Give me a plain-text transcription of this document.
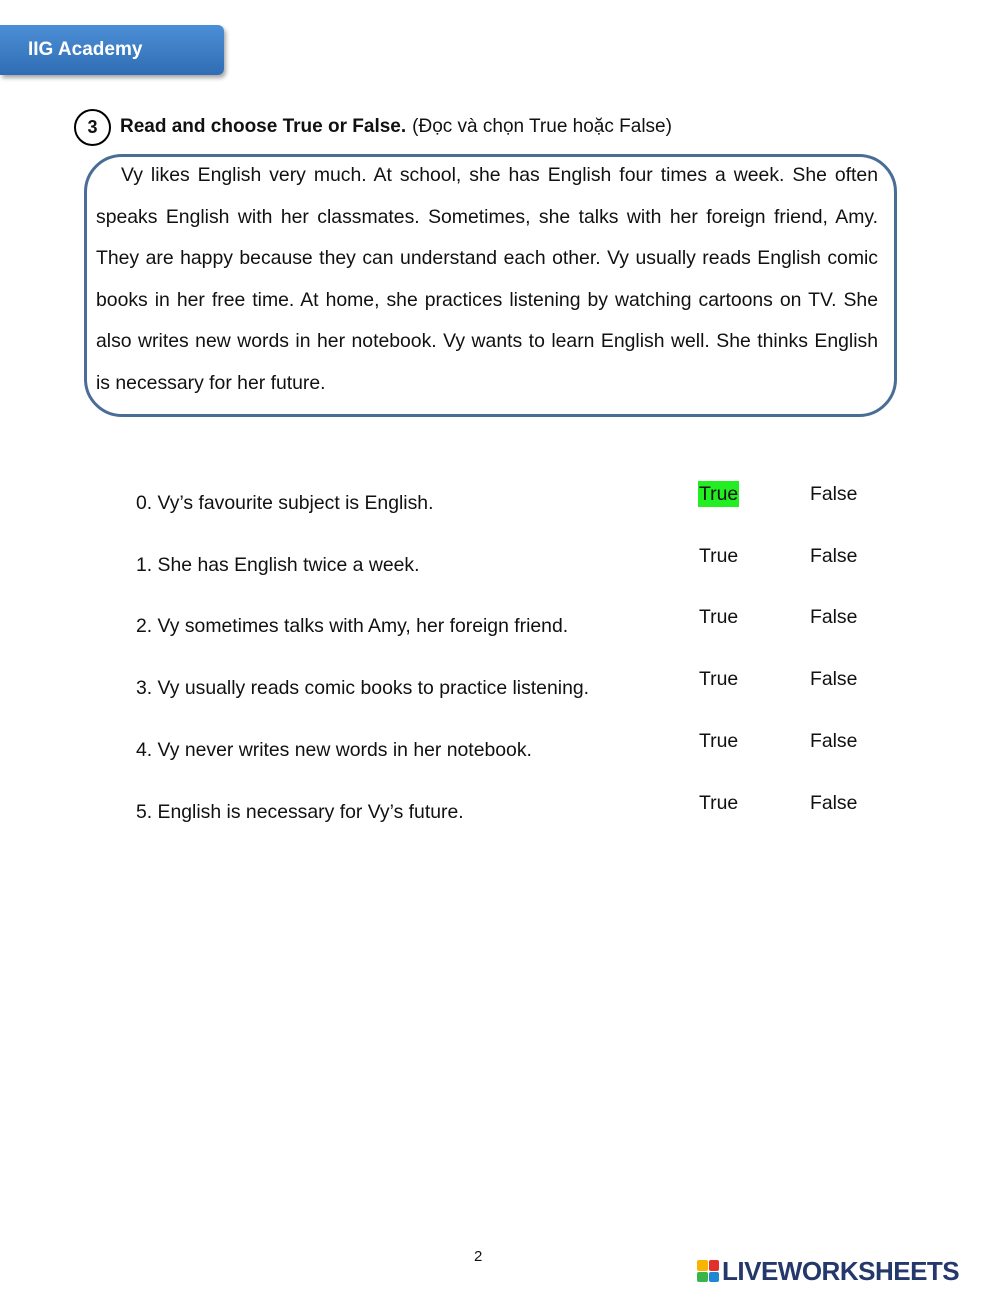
IIG Academy
3	Read and choose True or False. (Đọc và chọn True hoặc False)

Vy likes English very much. At school, she has English four times a week. She often speaks English with her classmates. Sometimes, she talks with her foreign friend, Amy. They are happy because they can understand each other. Vy usually reads English comic books in her free time. At home, she practices listening by watching cartoons on TV. She also writes new words in her notebook. Vy wants to learn English well. She thinks English is necessary for her future.

0. Vy’s favourite subject is English.	True	False
1. She has English twice a week.	True	False
2. Vy sometimes talks with Amy, her foreign friend.	True	False
3. Vy usually reads comic books to practice listening.	True	False
4. Vy never writes new words in her notebook.	True	False
5. English is necessary for Vy’s future.	True	False
2	LIVEWORKSHEETS
